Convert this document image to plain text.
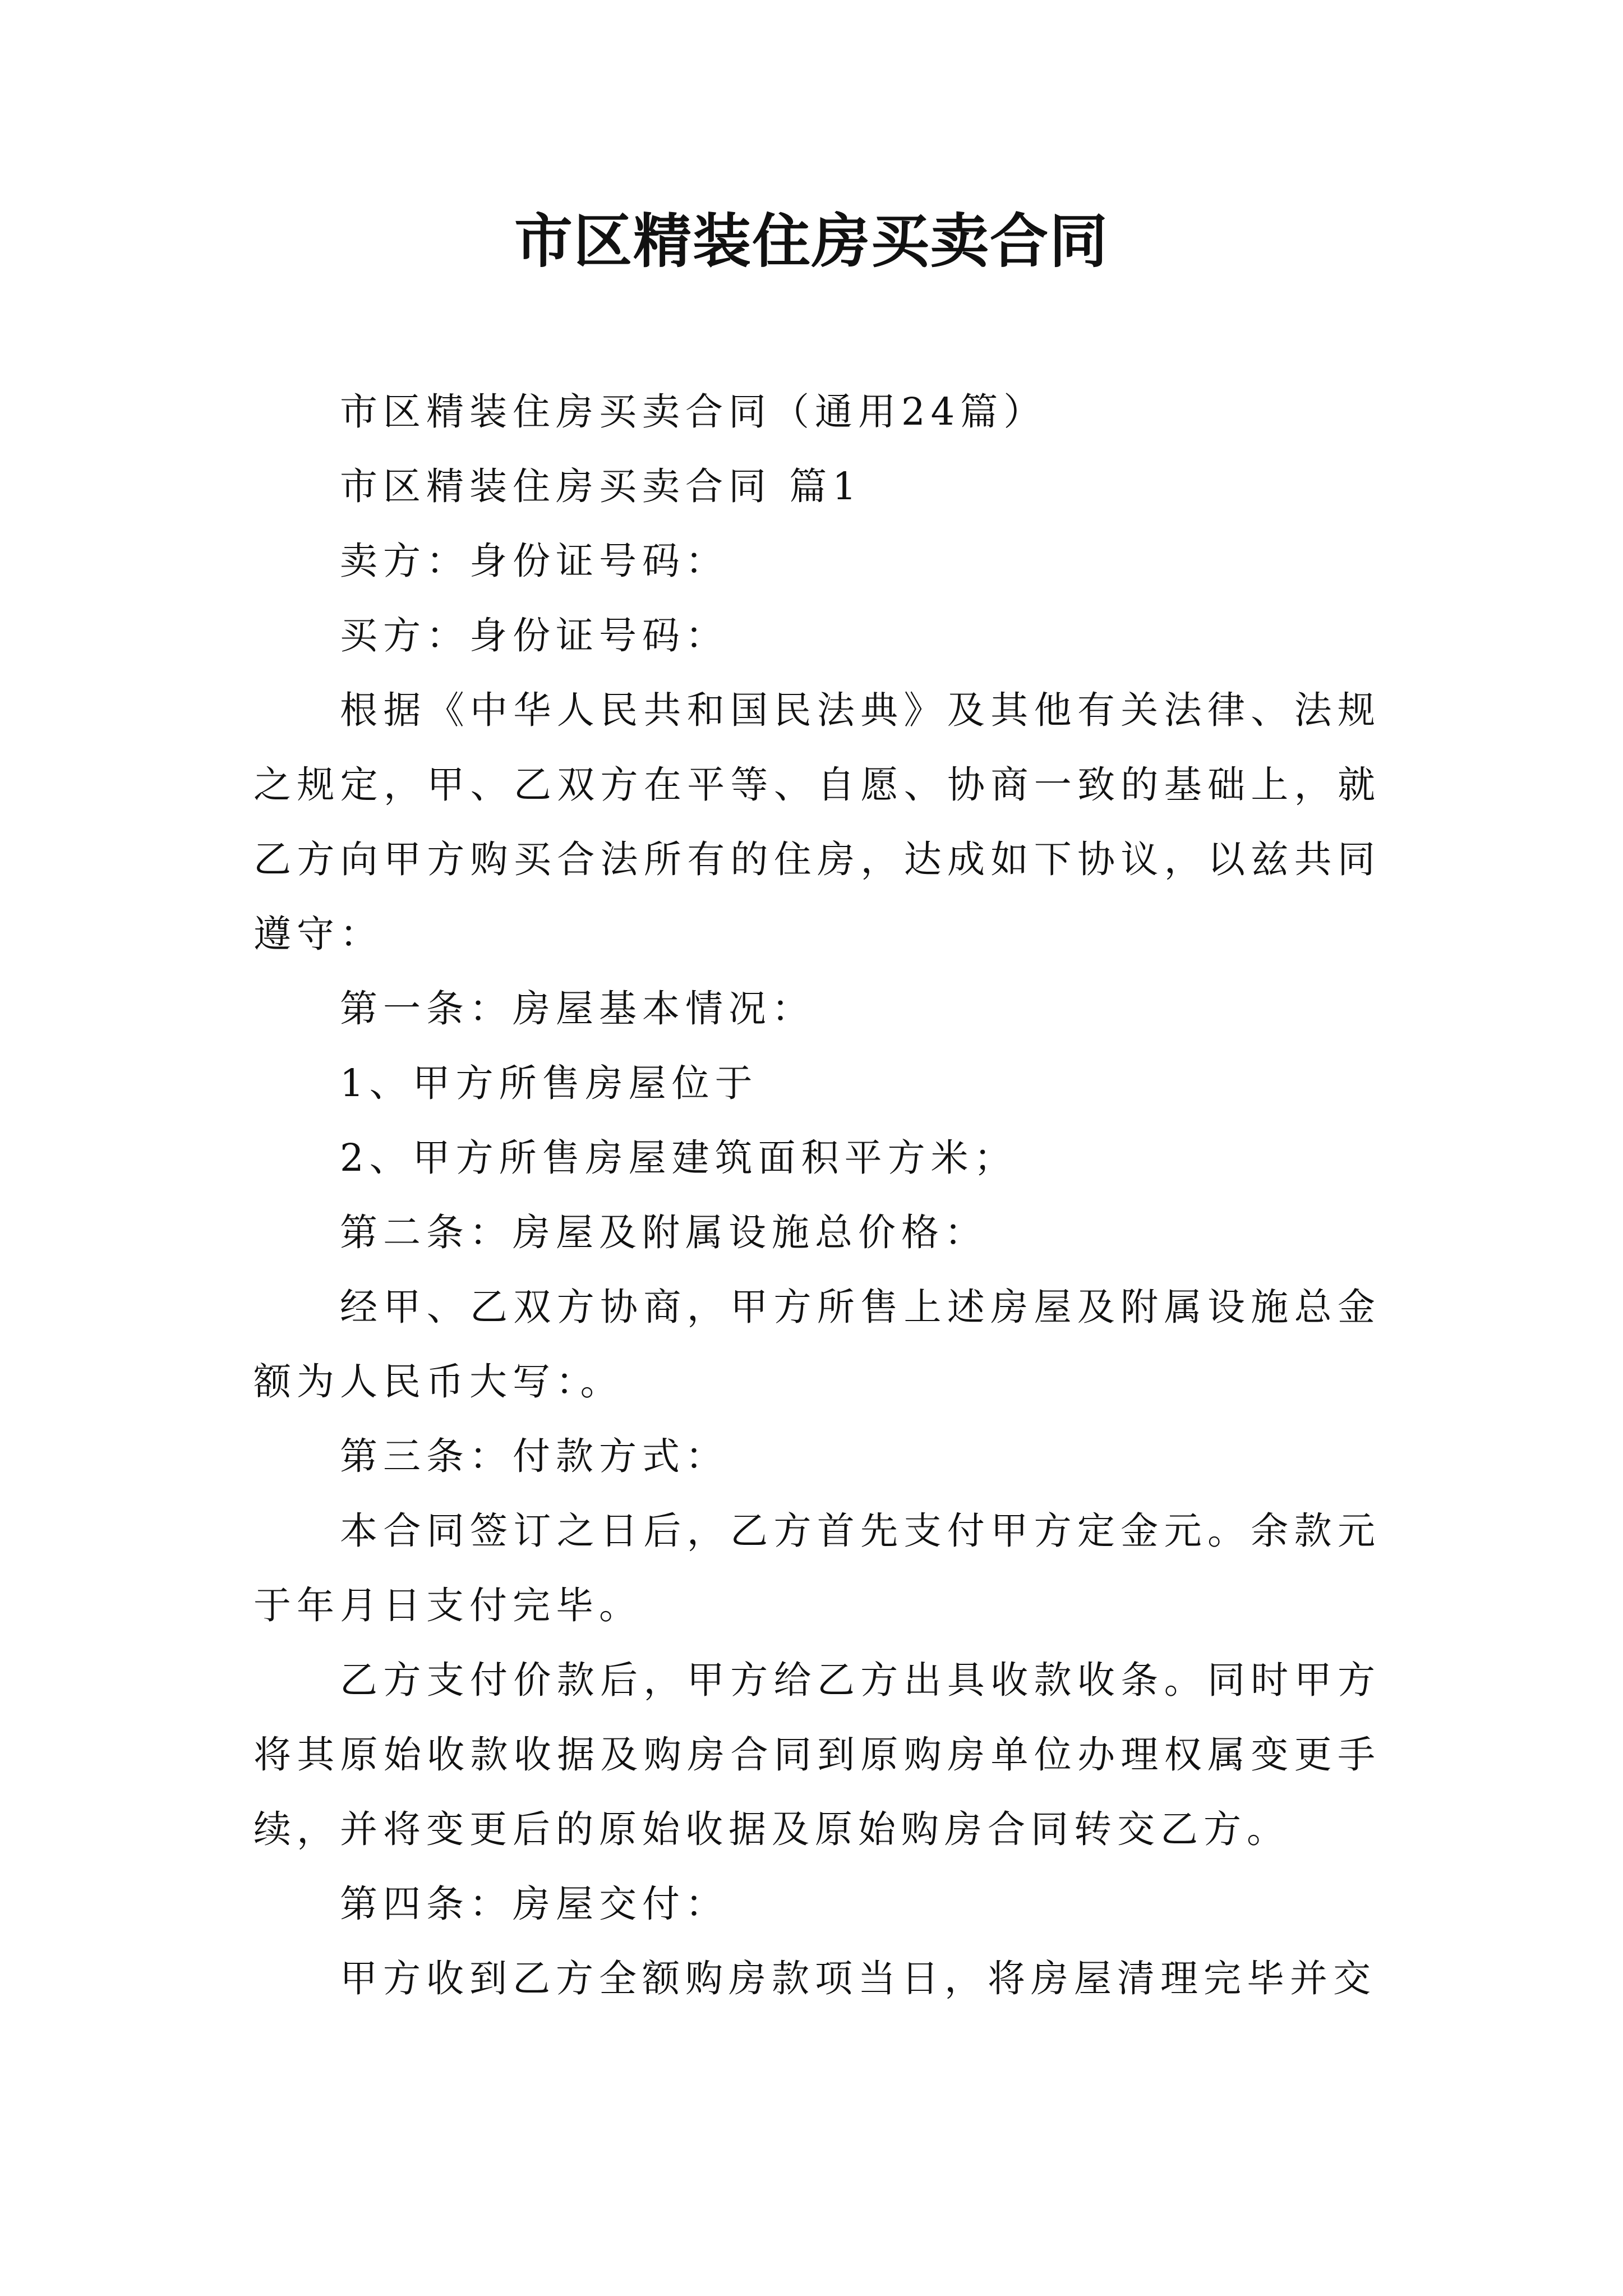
市区精装住房买卖合同

市区精装住房买卖合同（通用24篇）

市区精装住房买卖合同 篇1

卖方：身份证号码：

买方：身份证号码：

根据《中华人民共和国民法典》及其他有关法律、法规之规定，甲、乙双方在平等、自愿、协商一致的基础上，就乙方向甲方购买合法所有的住房，达成如下协议，以兹共同遵守：

第一条：房屋基本情况：

1、甲方所售房屋位于

2、甲方所售房屋建筑面积平方米；

第二条：房屋及附属设施总价格：

经甲、乙双方协商，甲方所售上述房屋及附属设施总金额为人民币大写：。

第三条：付款方式：

本合同签订之日后，乙方首先支付甲方定金元。余款元于年月日支付完毕。

乙方支付价款后，甲方给乙方出具收款收条。同时甲方将其原始收款收据及购房合同到原购房单位办理权属变更手续，并将变更后的原始收据及原始购房合同转交乙方。

第四条：房屋交付：

甲方收到乙方全额购房款项当日，将房屋清理完毕并交
